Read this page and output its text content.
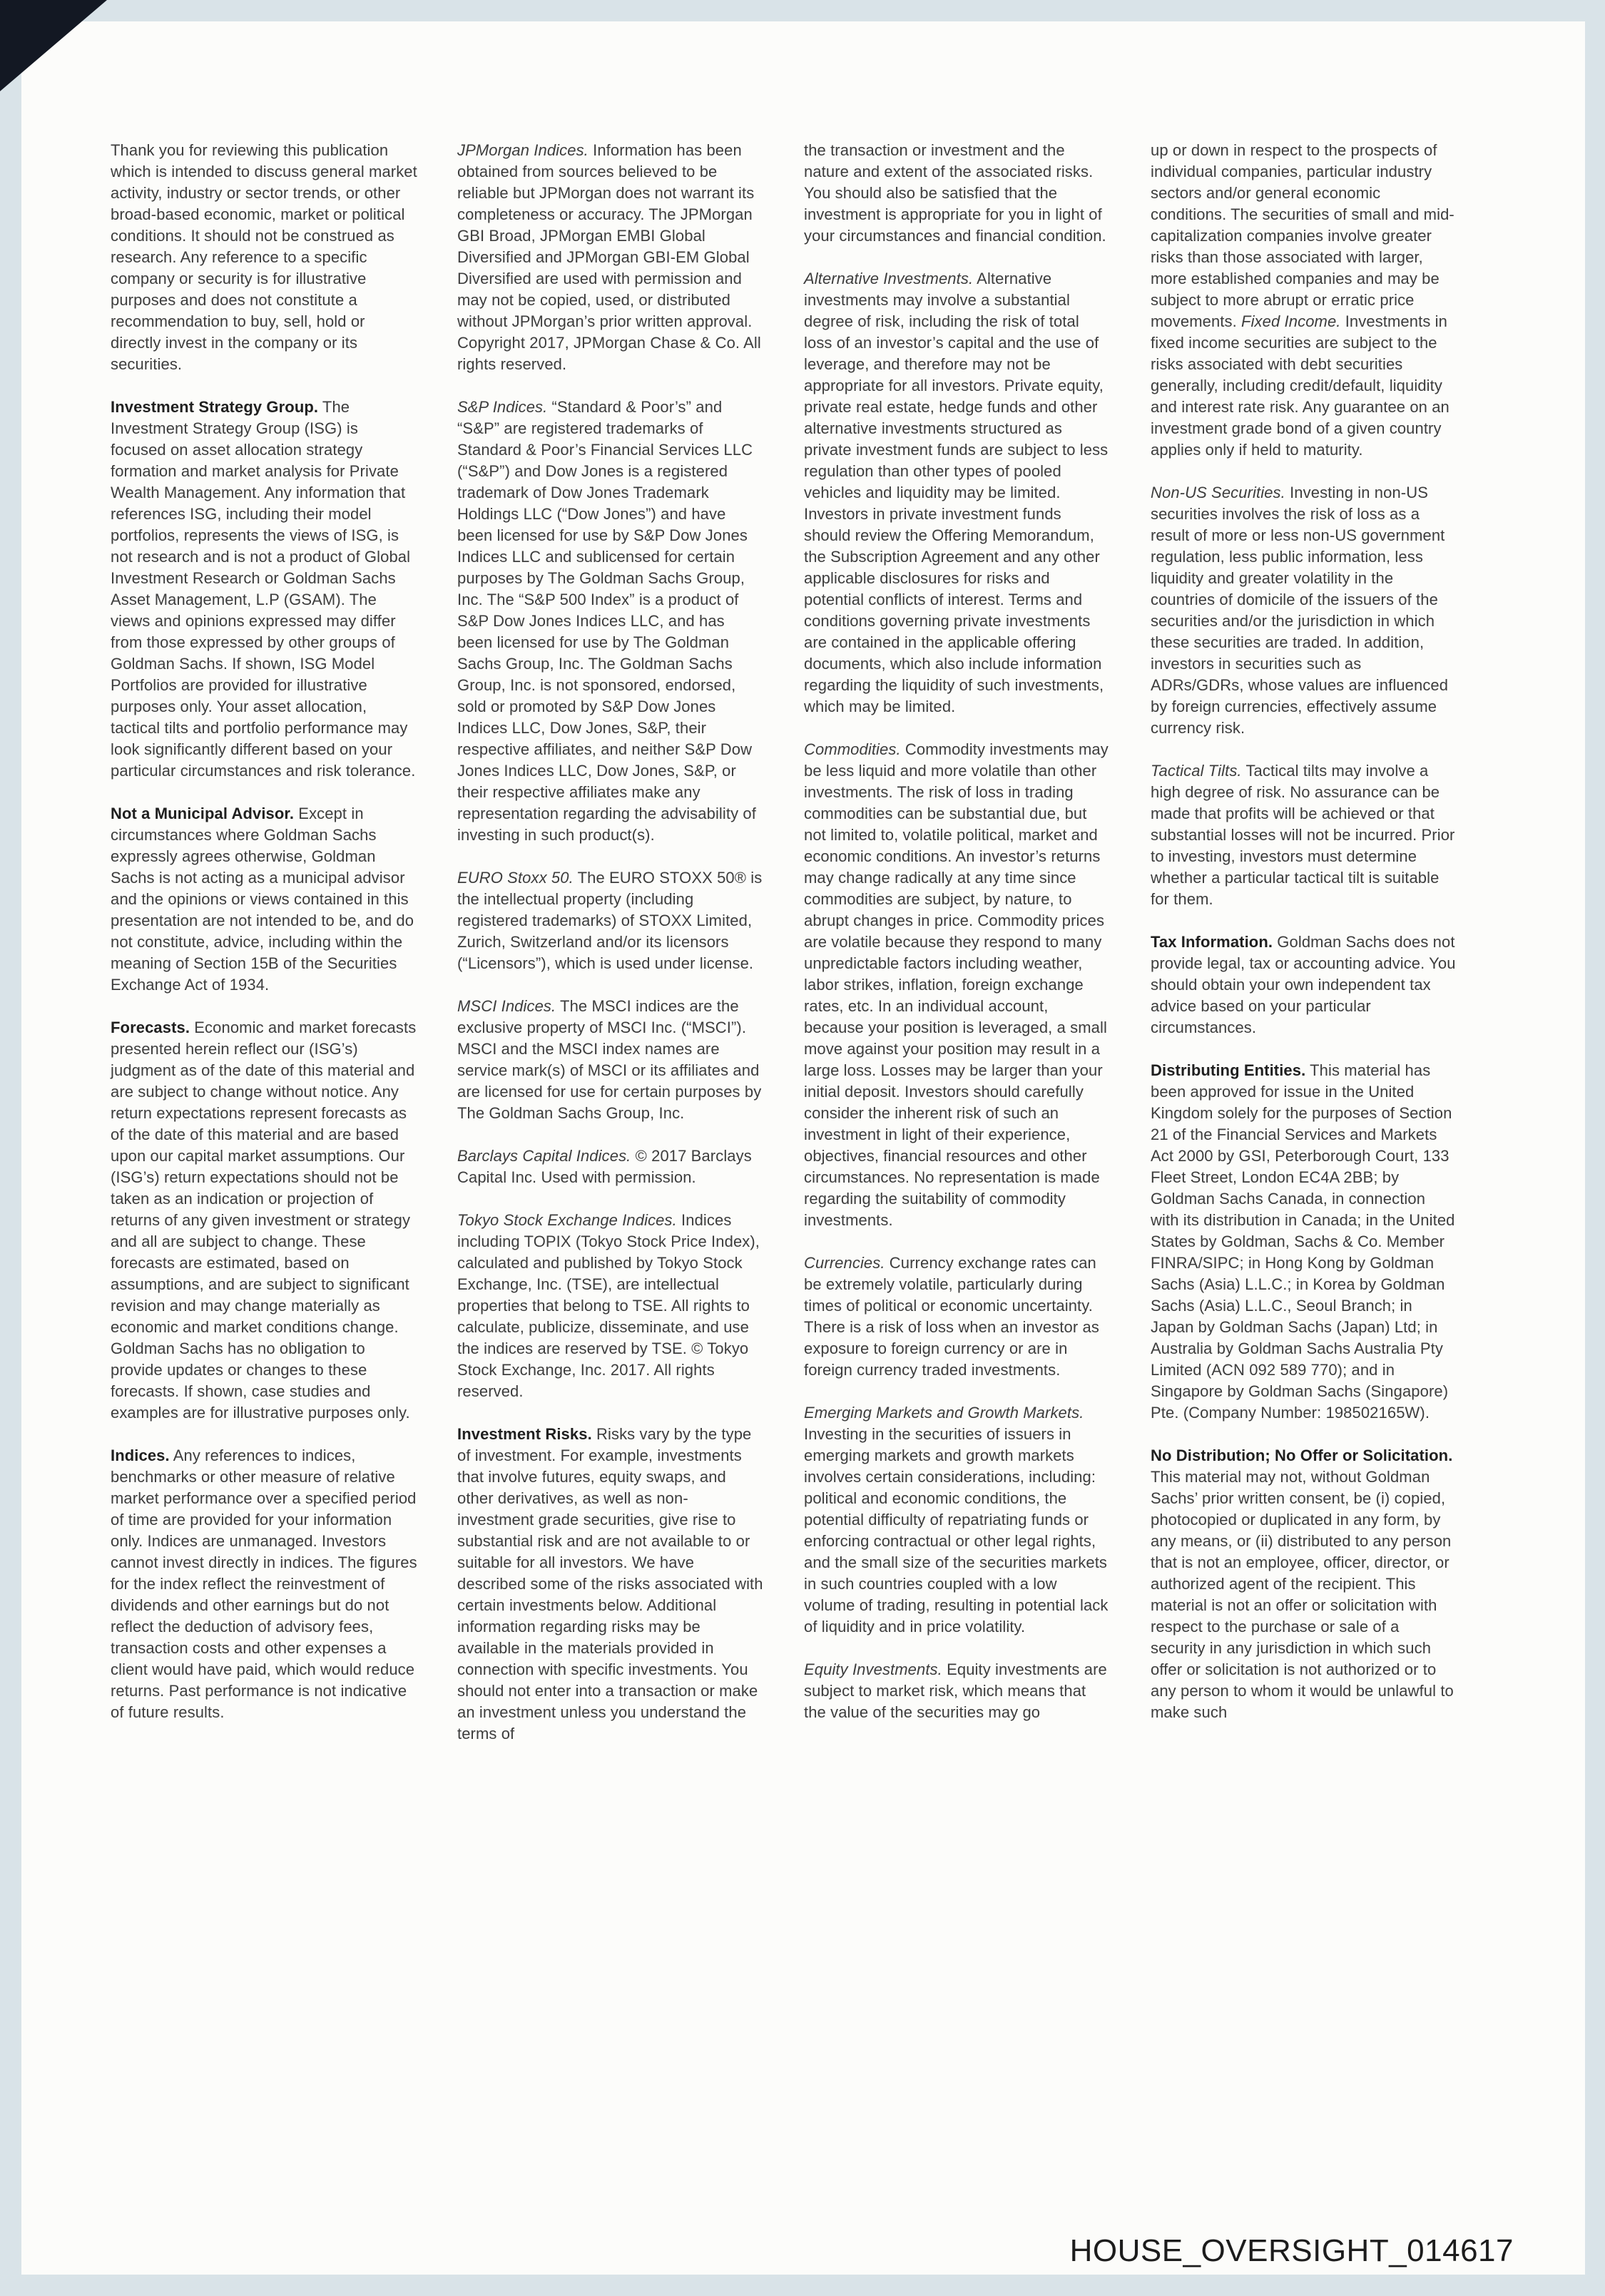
Thank you for reviewing this publication which is intended to discuss general market activity, industry or sector trends, or other broad-based economic, market or political conditions. It should not be construed as research. Any reference to a specific company or security is for illustrative purposes and does not constitute a recommendation to buy, sell, hold or directly invest in the company or its securities.

Investment Strategy Group. The Investment Strategy Group (ISG) is focused on asset allocation strategy formation and market analysis for Private Wealth Management. Any information that references ISG, including their model portfolios, represents the views of ISG, is not research and is not a product of Global Investment Research or Goldman Sachs Asset Management, L.P (GSAM). The views and opinions expressed may differ from those expressed by other groups of Goldman Sachs. If shown, ISG Model Portfolios are provided for illustrative purposes only. Your asset allocation, tactical tilts and portfolio performance may look significantly different based on your particular circumstances and risk tolerance.

Not a Municipal Advisor. Except in circumstances where Goldman Sachs expressly agrees otherwise, Goldman Sachs is not acting as a municipal advisor and the opinions or views contained in this presentation are not intended to be, and do not constitute, advice, including within the meaning of Section 15B of the Securities Exchange Act of 1934.

Forecasts. Economic and market forecasts presented herein reflect our (ISG’s) judgment as of the date of this material and are subject to change without notice. Any return expectations represent forecasts as of the date of this material and are based upon our capital market assumptions. Our (ISG’s) return expectations should not be taken as an indication or projection of returns of any given investment or strategy and all are subject to change. These forecasts are estimated, based on assumptions, and are subject to significant revision and may change materially as economic and market conditions change. Goldman Sachs has no obligation to provide updates or changes to these forecasts. If shown, case studies and examples are for illustrative purposes only.

Indices. Any references to indices, benchmarks or other measure of relative market performance over a specified period of time are provided for your information only. Indices are unmanaged. Investors cannot invest directly in indices. The figures for the index reflect the reinvestment of dividends and other earnings but do not reflect the deduction of advisory fees, transaction costs and other expenses a client would have paid, which would reduce returns. Past performance is not indicative of future results.

JPMorgan Indices. Information has been obtained from sources believed to be reliable but JPMorgan does not warrant its completeness or accuracy. The JPMorgan GBI Broad, JPMorgan EMBI Global Diversified and JPMorgan GBI-EM Global Diversified are used with permission and may not be copied, used, or distributed without JPMorgan’s prior written approval. Copyright 2017, JPMorgan Chase & Co. All rights reserved.

S&P Indices. “Standard & Poor’s” and “S&P” are registered trademarks of Standard & Poor’s Financial Services LLC (“S&P”) and Dow Jones is a registered trademark of Dow Jones Trademark Holdings LLC (“Dow Jones”) and have been licensed for use by S&P Dow Jones Indices LLC and sublicensed for certain purposes by The Goldman Sachs Group, Inc. The “S&P 500 Index” is a product of S&P Dow Jones Indices LLC, and has been licensed for use by The Goldman Sachs Group, Inc. The Goldman Sachs Group, Inc. is not sponsored, endorsed, sold or promoted by S&P Dow Jones Indices LLC, Dow Jones, S&P, their respective affiliates, and neither S&P Dow Jones Indices LLC, Dow Jones, S&P, or their respective affiliates make any representation regarding the advisability of investing in such product(s).

EURO Stoxx 50. The EURO STOXX 50® is the intellectual property (including registered trademarks) of STOXX Limited, Zurich, Switzerland and/or its licensors (“Licensors”), which is used under license.

MSCI Indices. The MSCI indices are the exclusive property of MSCI Inc. (“MSCI”). MSCI and the MSCI index names are service mark(s) of MSCI or its affiliates and are licensed for use for certain purposes by The Goldman Sachs Group, Inc.

Barclays Capital Indices. © 2017 Barclays Capital Inc. Used with permission.

Tokyo Stock Exchange Indices. Indices including TOPIX (Tokyo Stock Price Index), calculated and published by Tokyo Stock Exchange, Inc. (TSE), are intellectual properties that belong to TSE. All rights to calculate, publicize, disseminate, and use the indices are reserved by TSE. © Tokyo Stock Exchange, Inc. 2017. All rights reserved.

Investment Risks. Risks vary by the type of investment. For example, investments that involve futures, equity swaps, and other derivatives, as well as non-investment grade securities, give rise to substantial risk and are not available to or suitable for all investors. We have described some of the risks associated with certain investments below. Additional information regarding risks may be available in the materials provided in connection with specific investments. You should not enter into a transaction or make an investment unless you understand the terms of

the transaction or investment and the nature and extent of the associated risks. You should also be satisfied that the investment is appropriate for you in light of your circumstances and financial condition.

Alternative Investments. Alternative investments may involve a substantial degree of risk, including the risk of total loss of an investor’s capital and the use of leverage, and therefore may not be appropriate for all investors. Private equity, private real estate, hedge funds and other alternative investments structured as private investment funds are subject to less regulation than other types of pooled vehicles and liquidity may be limited. Investors in private investment funds should review the Offering Memorandum, the Subscription Agreement and any other applicable disclosures for risks and potential conflicts of interest. Terms and conditions governing private investments are contained in the applicable offering documents, which also include information regarding the liquidity of such investments, which may be limited.

Commodities. Commodity investments may be less liquid and more volatile than other investments. The risk of loss in trading commodities can be substantial due, but not limited to, volatile political, market and economic conditions. An investor’s returns may change radically at any time since commodities are subject, by nature, to abrupt changes in price. Commodity prices are volatile because they respond to many unpredictable factors including weather, labor strikes, inflation, foreign exchange rates, etc. In an individual account, because your position is leveraged, a small move against your position may result in a large loss. Losses may be larger than your initial deposit. Investors should carefully consider the inherent risk of such an investment in light of their experience, objectives, financial resources and other circumstances. No representation is made regarding the suitability of commodity investments.

Currencies. Currency exchange rates can be extremely volatile, particularly during times of political or economic uncertainty. There is a risk of loss when an investor as exposure to foreign currency or are in foreign currency traded investments.

Emerging Markets and Growth Markets. Investing in the securities of issuers in emerging markets and growth markets involves certain considerations, including: political and economic conditions, the potential difficulty of repatriating funds or enforcing contractual or other legal rights, and the small size of the securities markets in such countries coupled with a low volume of trading, resulting in potential lack of liquidity and in price volatility.

Equity Investments. Equity investments are subject to market risk, which means that the value of the securities may go

up or down in respect to the prospects of individual companies, particular industry sectors and/or general economic conditions. The securities of small and mid-capitalization companies involve greater risks than those associated with larger, more established companies and may be subject to more abrupt or erratic price movements. Fixed Income. Investments in fixed income securities are subject to the risks associated with debt securities generally, including credit/default, liquidity and interest rate risk. Any guarantee on an investment grade bond of a given country applies only if held to maturity.

Non-US Securities. Investing in non-US securities involves the risk of loss as a result of more or less non-US government regulation, less public information, less liquidity and greater volatility in the countries of domicile of the issuers of the securities and/or the jurisdiction in which these securities are traded. In addition, investors in securities such as ADRs/GDRs, whose values are influenced by foreign currencies, effectively assume currency risk.

Tactical Tilts. Tactical tilts may involve a high degree of risk. No assurance can be made that profits will be achieved or that substantial losses will not be incurred. Prior to investing, investors must determine whether a particular tactical tilt is suitable for them.

Tax Information. Goldman Sachs does not provide legal, tax or accounting advice. You should obtain your own independent tax advice based on your particular circumstances.

Distributing Entities. This material has been approved for issue in the United Kingdom solely for the purposes of Section 21 of the Financial Services and Markets Act 2000 by GSI, Peterborough Court, 133 Fleet Street, London EC4A 2BB; by Goldman Sachs Canada, in connection with its distribution in Canada; in the United States by Goldman, Sachs & Co. Member FINRA/SIPC; in Hong Kong by Goldman Sachs (Asia) L.L.C.; in Korea by Goldman Sachs (Asia) L.L.C., Seoul Branch; in Japan by Goldman Sachs (Japan) Ltd; in Australia by Goldman Sachs Australia Pty Limited (ACN 092 589 770); and in Singapore by Goldman Sachs (Singapore) Pte. (Company Number: 198502165W).

No Distribution; No Offer or Solicitation. This material may not, without Goldman Sachs’ prior written consent, be (i) copied, photocopied or duplicated in any form, by any means, or (ii) distributed to any person that is not an employee, officer, director, or authorized agent of the recipient. This material is not an offer or solicitation with respect to the purchase or sale of a security in any jurisdiction in which such offer or solicitation is not authorized or to any person to whom it would be unlawful to make such

HOUSE_OVERSIGHT_014617
